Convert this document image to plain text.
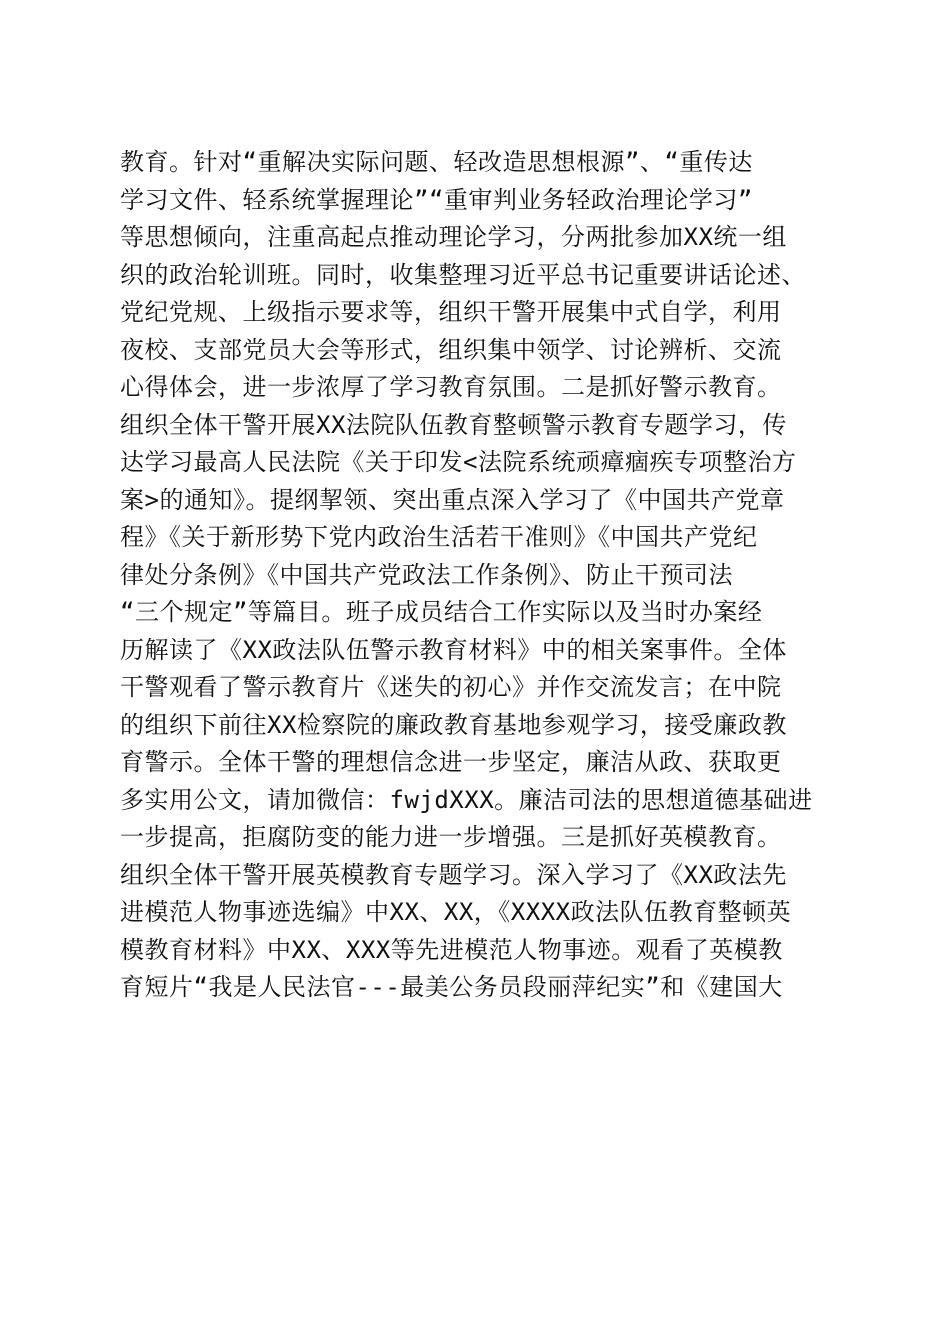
教育。针对“重解决实际问题、轻改造思想根源”、“重传达
学习文件、轻系统掌握理论”“重审判业务轻政治理论学习”
等思想倾向，注重高起点推动理论学习，分两批参加XX统一组
织的政治轮训班。同时，收集整理习近平总书记重要讲话论述、
党纪党规、上级指示要求等，组织干警开展集中式自学，利用
夜校、支部党员大会等形式，组织集中领学、讨论辨析、交流
心得体会，进一步浓厚了学习教育氛围。二是抓好警示教育。
组织全体干警开展XX法院队伍教育整顿警示教育专题学习，传
达学习最高人民法院《关于印发<法院系统顽瘴痼疾专项整治方
案>的通知》。提纲挈领、突出重点深入学习了《中国共产党章
程》《关于新形势下党内政治生活若干准则》《中国共产党纪
律处分条例》《中国共产党政法工作条例》、防止干预司法
“三个规定”等篇目。班子成员结合工作实际以及当时办案经
历解读了《XX政法队伍警示教育材料》中的相关案事件。全体
干警观看了警示教育片《迷失的初心》并作交流发言；在中院
的组织下前往XX检察院的廉政教育基地参观学习，接受廉政教
育警示。全体干警的理想信念进一步坚定，廉洁从政、获取更
多实用公文，请加微信：fwjdXXX。廉洁司法的思想道德基础进
一步提高，拒腐防变的能力进一步增强。三是抓好英模教育。
组织全体干警开展英模教育专题学习。深入学习了《XX政法先
进模范人物事迹选编》中XX、XX，《XXXX政法队伍教育整顿英
模教育材料》中XX、XXX等先进模范人物事迹。观看了英模教
育短片“我是人民法官---最美公务员段丽萍纪实”和《建国大
